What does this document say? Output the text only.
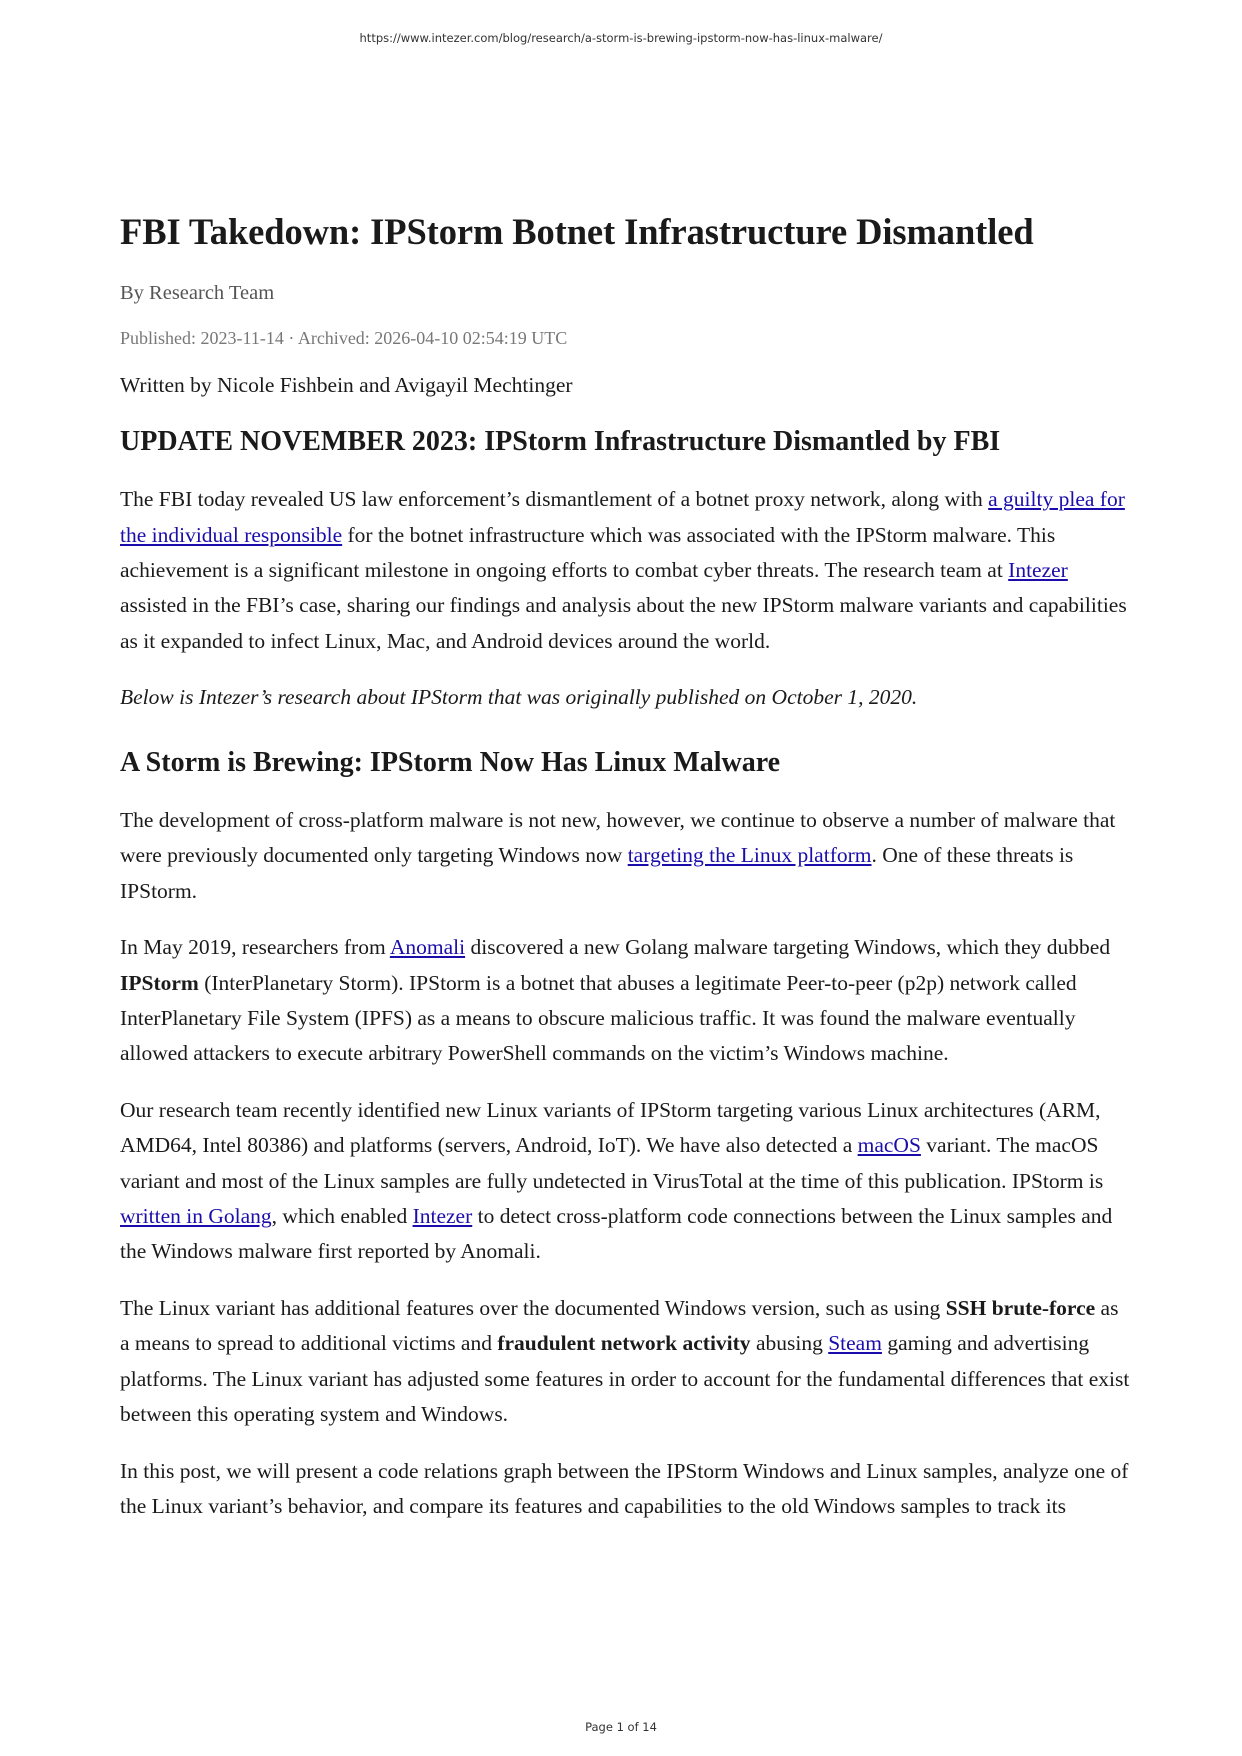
https://www.intezer.com/blog/research/a-storm-is-brewing-ipstorm-now-has-linux-malware/
FBI Takedown: IPStorm Botnet Infrastructure Dismantled
By Research Team
Published: 2023-11-14 · Archived: 2026-04-10 02:54:19 UTC
Written by Nicole Fishbein and Avigayil Mechtinger
UPDATE NOVEMBER 2023: IPStorm Infrastructure Dismantled by FBI

The FBI today revealed US law enforcement’s dismantlement of a botnet proxy network, along with a guilty plea for the individual responsible for the botnet infrastructure which was associated with the IPStorm malware. This achievement is a significant milestone in ongoing efforts to combat cyber threats. The research team at Intezer assisted in the FBI’s case, sharing our findings and analysis about the new IPStorm malware variants and capabilities as it expanded to infect Linux, Mac, and Android devices around the world.

Below is Intezer’s research about IPStorm that was originally published on October 1, 2020.

A Storm is Brewing: IPStorm Now Has Linux Malware

The development of cross-platform malware is not new, however, we continue to observe a number of malware that were previously documented only targeting Windows now targeting the Linux platform. One of these threats is IPStorm.

In May 2019, researchers from Anomali discovered a new Golang malware targeting Windows, which they dubbed IPStorm (InterPlanetary Storm). IPStorm is a botnet that abuses a legitimate Peer-to-peer (p2p) network called InterPlanetary File System (IPFS) as a means to obscure malicious traffic. It was found the malware eventually allowed attackers to execute arbitrary PowerShell commands on the victim’s Windows machine.

Our research team recently identified new Linux variants of IPStorm targeting various Linux architectures (ARM, AMD64, Intel 80386) and platforms (servers, Android, IoT). We have also detected a macOS variant. The macOS variant and most of the Linux samples are fully undetected in VirusTotal at the time of this publication. IPStorm is written in Golang, which enabled Intezer to detect cross-platform code connections between the Linux samples and the Windows malware first reported by Anomali.

The Linux variant has additional features over the documented Windows version, such as using SSH brute-force as a means to spread to additional victims and fraudulent network activity abusing Steam gaming and advertising platforms. The Linux variant has adjusted some features in order to account for the fundamental differences that exist between this operating system and Windows.

In this post, we will present a code relations graph between the IPStorm Windows and Linux samples, analyze one of the Linux variant’s behavior, and compare its features and capabilities to the old Windows samples to track its

Page 1 of 14
